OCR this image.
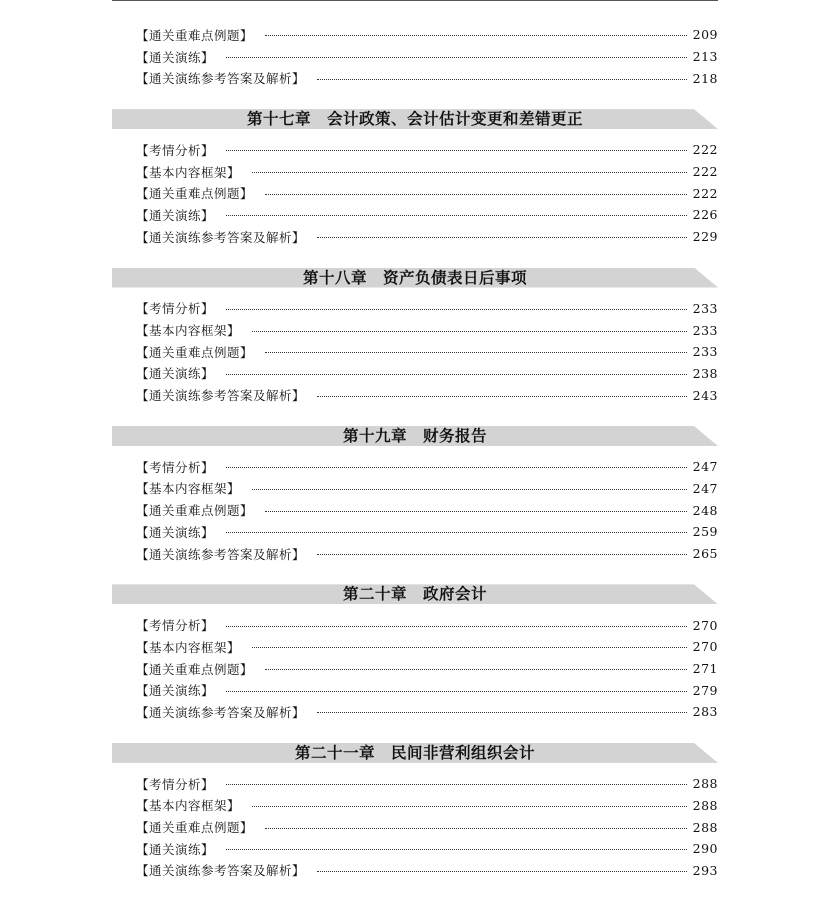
【通关重难点例题】	209
【通关演练】	213
【通关演练参考答案及解析】	218
第十七章　会计政策、会计估计变更和差错更正
【考情分析】	222
【基本内容框架】	222
【通关重难点例题】	222
【通关演练】	226
【通关演练参考答案及解析】	229
第十八章　资产负债表日后事项
【考情分析】	233
【基本内容框架】	233
【通关重难点例题】	233
【通关演练】	238
【通关演练参考答案及解析】	243
第十九章　财务报告
【考情分析】	247
【基本内容框架】	247
【通关重难点例题】	248
【通关演练】	259
【通关演练参考答案及解析】	265
第二十章　政府会计
【考情分析】	270
【基本内容框架】	270
【通关重难点例题】	271
【通关演练】	279
【通关演练参考答案及解析】	283
第二十一章　民间非营利组织会计
【考情分析】	288
【基本内容框架】	288
【通关重难点例题】	288
【通关演练】	290
【通关演练参考答案及解析】	293
